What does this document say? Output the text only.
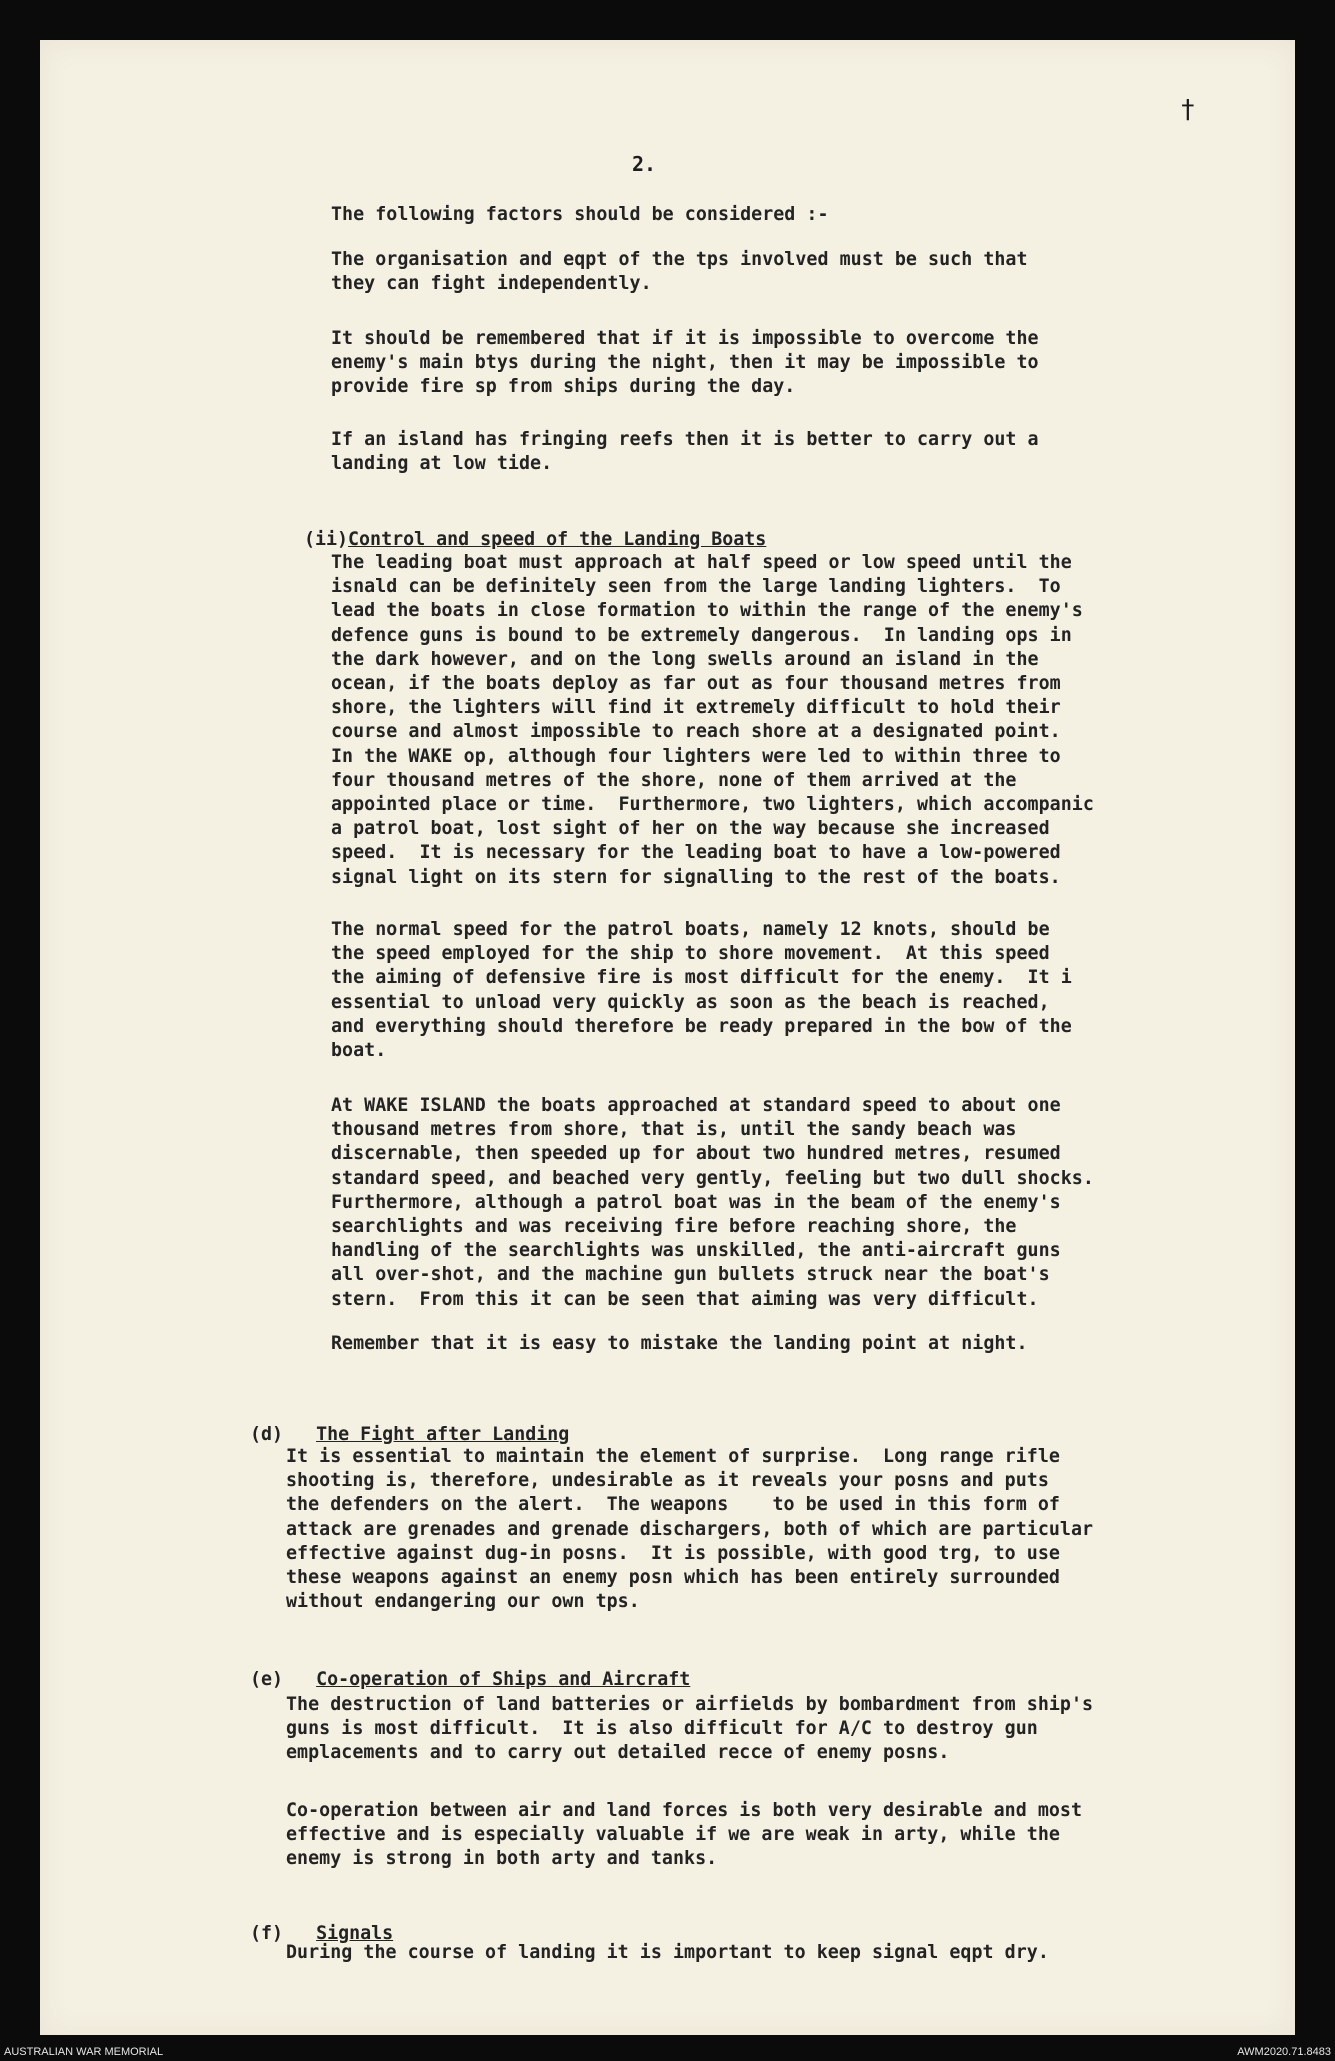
†
2.

The following factors should be considered :-

The organisation and eqpt of the tps involved must be such that
they can fight independently.

It should be remembered that if it is impossible to overcome the
enemy's main btys during the night, then it may be impossible to
provide fire sp from ships during the day.

If an island has fringing reefs then it is better to carry out a
landing at low tide.

(ii)Control and speed of the Landing Boats

The leading boat must approach at half speed or low speed until the
isnald can be definitely seen from the large landing lighters.  To
lead the boats in close formation to within the range of the enemy's
defence guns is bound to be extremely dangerous.  In landing ops in
the dark however, and on the long swells around an island in the
ocean, if the boats deploy as far out as four thousand metres from
shore, the lighters will find it extremely difficult to hold their
course and almost impossible to reach shore at a designated point.
In the WAKE op, although four lighters were led to within three to
four thousand metres of the shore, none of them arrived at the
appointed place or time.  Furthermore, two lighters, which accompanic
a patrol boat, lost sight of her on the way because she increased
speed.  It is necessary for the leading boat to have a low-powered
signal light on its stern for signalling to the rest of the boats.

The normal speed for the patrol boats, namely 12 knots, should be
the speed employed for the ship to shore movement.  At this speed
the aiming of defensive fire is most difficult for the enemy.  It i
essential to unload very quickly as soon as the beach is reached,
and everything should therefore be ready prepared in the bow of the
boat.

At WAKE ISLAND the boats approached at standard speed to about one
thousand metres from shore, that is, until the sandy beach was
discernable, then speeded up for about two hundred metres, resumed
standard speed, and beached very gently, feeling but two dull shocks.
Furthermore, although a patrol boat was in the beam of the enemy's
searchlights and was receiving fire before reaching shore, the
handling of the searchlights was unskilled, the anti-aircraft guns
all over-shot, and the machine gun bullets struck near the boat's
stern.  From this it can be seen that aiming was very difficult.

Remember that it is easy to mistake the landing point at night.

(d) The Fight after Landing

It is essential to maintain the element of surprise.  Long range rifle
shooting is, therefore, undesirable as it reveals your posns and puts
the defenders on the alert.  The weapons    to be used in this form of
attack are grenades and grenade dischargers, both of which are particular
effective against dug-in posns.  It is possible, with good trg, to use
these weapons against an enemy posn which has been entirely surrounded
without endangering our own tps.

(e) Co-operation of Ships and Aircraft

The destruction of land batteries or airfields by bombardment from ship's
guns is most difficult.  It is also difficult for A/C to destroy gun
emplacements and to carry out detailed recce of enemy posns.

Co-operation between air and land forces is both very desirable and most
effective and is especially valuable if we are weak in arty, while the
enemy is strong in both arty and tanks.

(f) Signals

During the course of landing it is important to keep signal eqpt dry.

AUSTRALIAN WAR MEMORIAL	AWM2020.71.8483
